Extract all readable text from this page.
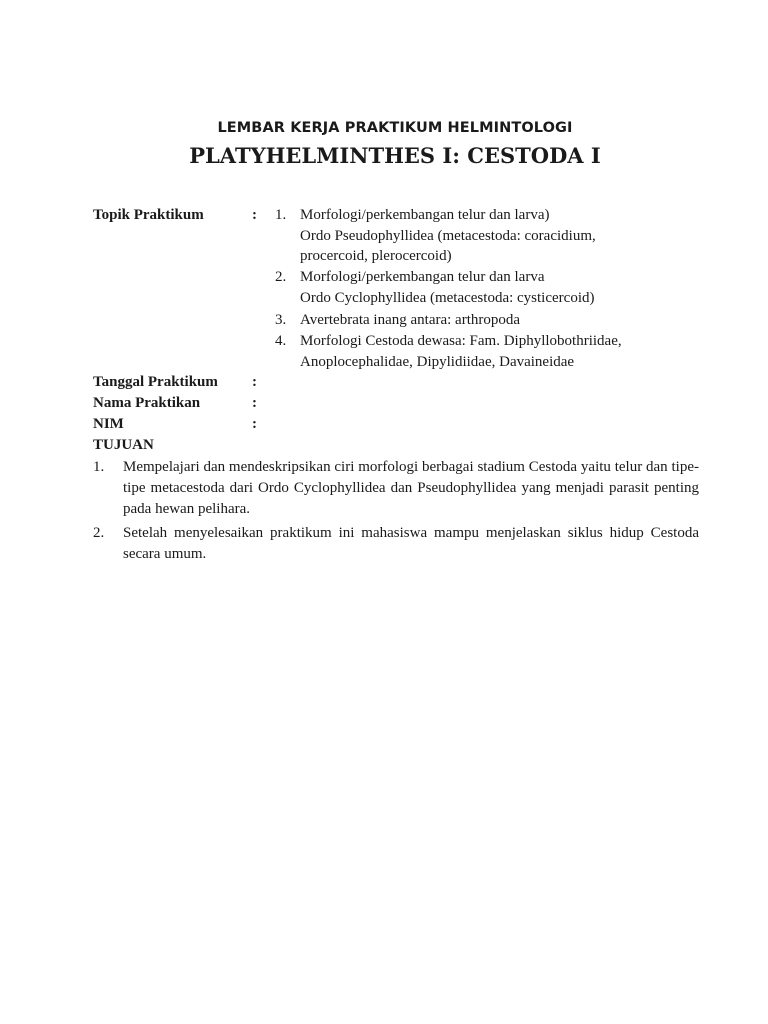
LEMBAR KERJA PRAKTIKUM HELMINTOLOGI
PLATYHELMINTHES I: CESTODA I
Topik Praktikum	: 1. Morfologi/perkembangan telur dan larva)
Ordo Pseudophyllidea (metacestoda: coracidium,
procercoid, plerocercoid)
2. Morfologi/perkembangan telur dan larva
Ordo Cyclophyllidea (metacestoda: cysticercoid)
3. Avertebrata inang antara: arthropoda
4. Morfologi Cestoda dewasa: Fam. Diphyllobothriidae,
Anoplocephalidae, Dipylidiidae, Davaineidae
Tanggal Praktikum :
Nama Praktikan	:
NIM	:
TUJUAN
1. Mempelajari dan mendeskripsikan ciri morfologi berbagai stadium Cestoda yaitu telur dan tipe-tipe metacestoda dari Ordo Cyclophyllidea dan Pseudophyllidea yang menjadi parasit penting pada hewan pelihara.
2. Setelah menyelesaikan praktikum ini mahasiswa mampu menjelaskan siklus hidup Cestoda secara umum.
